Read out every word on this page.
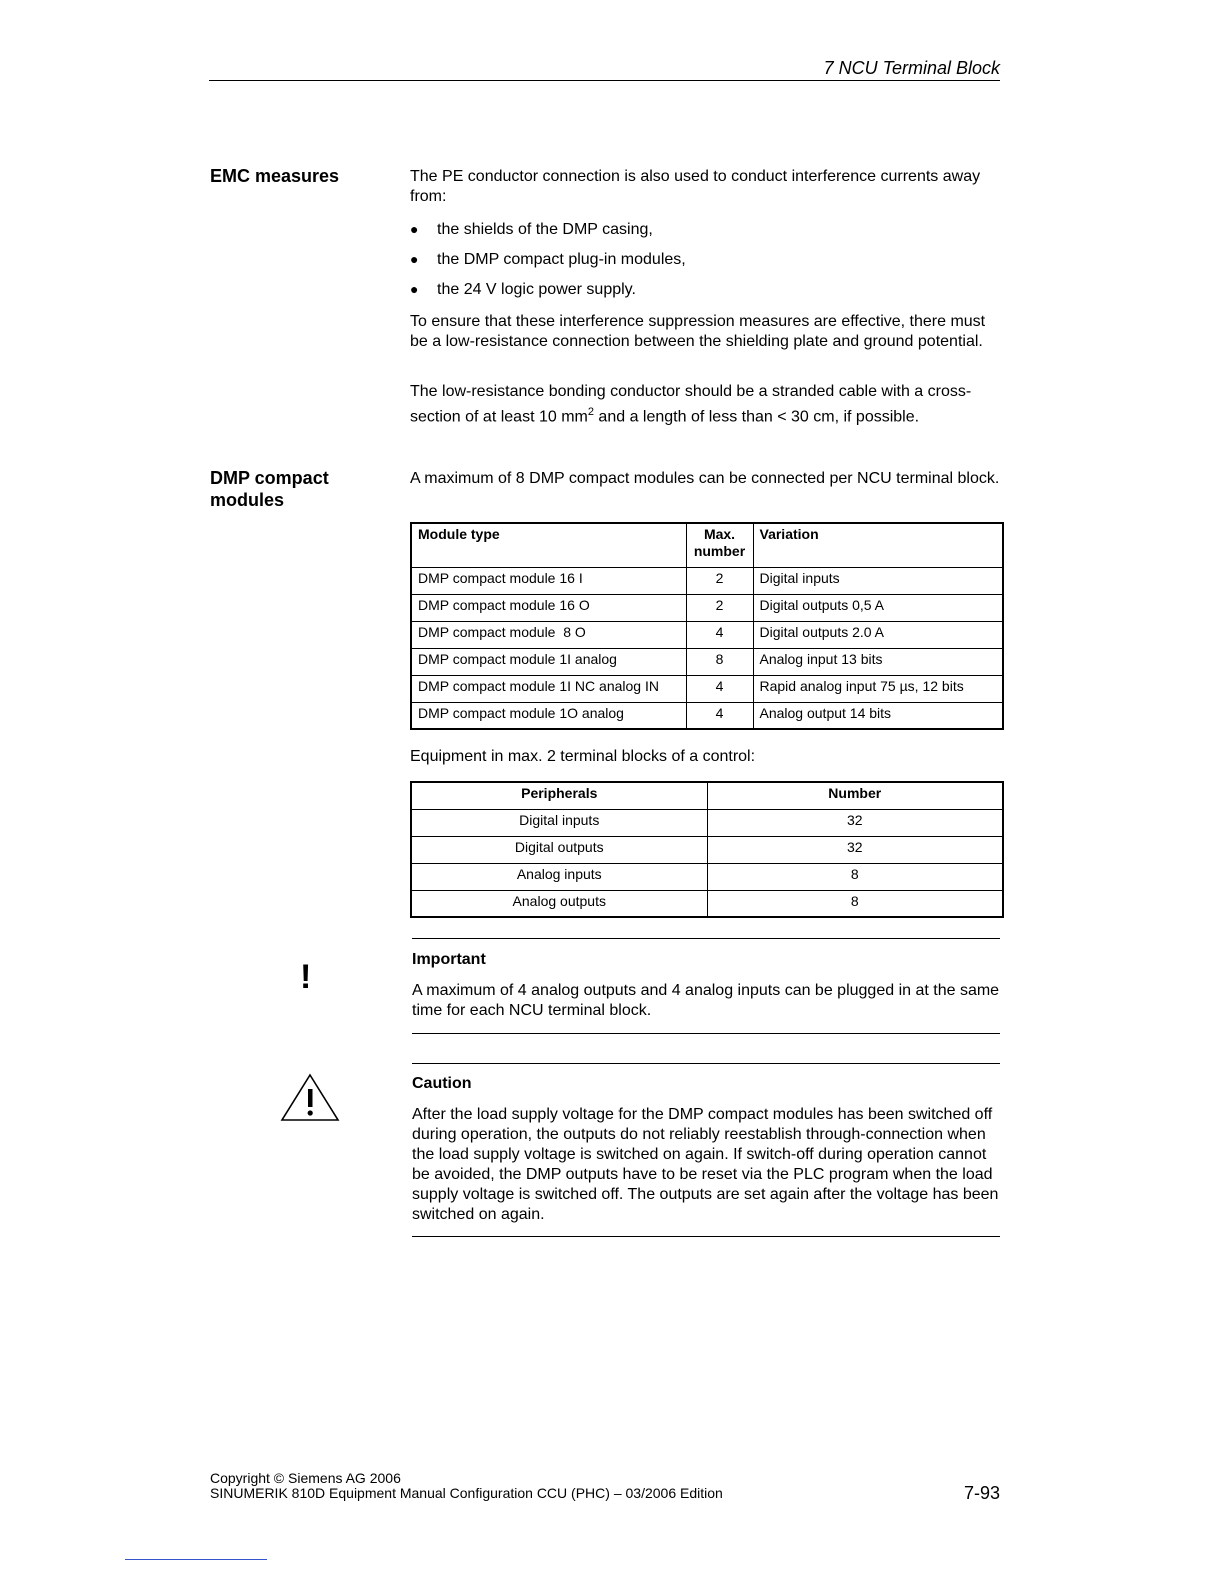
7 NCU Terminal Block
EMC measures	The PE conductor connection is also used to conduct interference currents away from:
● the shields of the DMP casing,
● the DMP compact plug-in modules,
● the 24 V logic power supply.
To ensure that these interference suppression measures are effective, there must be a low-resistance connection between the shielding plate and ground potential.
The low-resistance bonding conductor should be a stranded cable with a cross-section of at least 10 $mm^2$ and a length of less than < 30 cm, if possible.
DMP compact
modules
A maximum of 8 DMP compact modules can be connected per NCU terminal block.
Module type	Max. number	Variation
DMP compact module 16 I	2	Digital inputs
DMP compact module 16 O	2	Digital outputs 0,5 A
DMP compact module  8 O	4	Digital outputs 2.0 A
DMP compact module 1I analog	8	Analog input 13 bits
DMP compact module 1I NC analog IN	4	Rapid analog input 75 µs, 12 bits
DMP compact module 1O analog	4	Analog output 14 bits
Equipment in max. 2 terminal blocks of a control:
Peripherals	Number
Digital inputs	32
Digital outputs	32
Analog inputs	8
Analog outputs	8
!	Important

A maximum of 4 analog outputs and 4 analog inputs can be plugged in at the same time for each NCU terminal block.

Caution

After the load supply voltage for the DMP compact modules has been switched off during operation, the outputs do not reliably reestablish through-connection when the load supply voltage is switched on again. If switch-off during operation cannot be avoided, the DMP outputs have to be reset via the PLC program when the load supply voltage is switched off. The outputs are set again after the voltage has been switched on again.

Copyright © Siemens AG 2006
SINUMERIK 810D Equipment Manual Configuration CCU (PHC) – 03/2006 Edition	7-93
